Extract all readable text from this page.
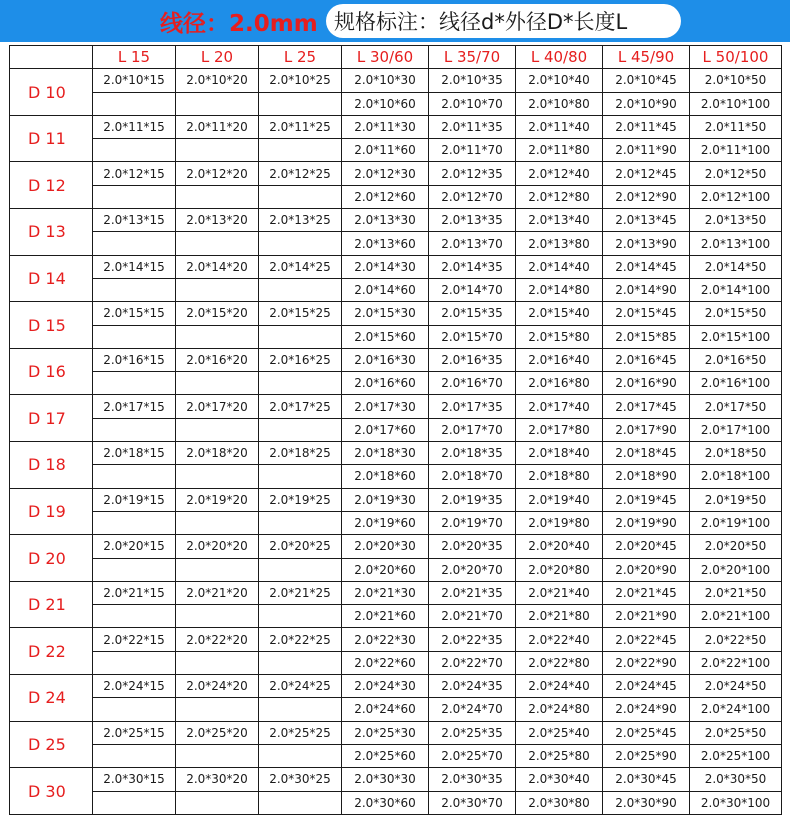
线径：2.0mm 规格标注：线径d*外径D*长度L
	L 15	L 20	L 25	L 30/60	L 35/70	L 40/80	L 45/90	L 50/100
D 10	2.0*10*15	2.0*10*20	2.0*10*25	2.0*10*30	2.0*10*35	2.0*10*40	2.0*10*45	2.0*10*50
				2.0*10*60	2.0*10*70	2.0*10*80	2.0*10*90	2.0*10*100
D 11	2.0*11*15	2.0*11*20	2.0*11*25	2.0*11*30	2.0*11*35	2.0*11*40	2.0*11*45	2.0*11*50
				2.0*11*60	2.0*11*70	2.0*11*80	2.0*11*90	2.0*11*100
D 12	2.0*12*15	2.0*12*20	2.0*12*25	2.0*12*30	2.0*12*35	2.0*12*40	2.0*12*45	2.0*12*50
				2.0*12*60	2.0*12*70	2.0*12*80	2.0*12*90	2.0*12*100
D 13	2.0*13*15	2.0*13*20	2.0*13*25	2.0*13*30	2.0*13*35	2.0*13*40	2.0*13*45	2.0*13*50
				2.0*13*60	2.0*13*70	2.0*13*80	2.0*13*90	2.0*13*100
D 14	2.0*14*15	2.0*14*20	2.0*14*25	2.0*14*30	2.0*14*35	2.0*14*40	2.0*14*45	2.0*14*50
				2.0*14*60	2.0*14*70	2.0*14*80	2.0*14*90	2.0*14*100
D 15	2.0*15*15	2.0*15*20	2.0*15*25	2.0*15*30	2.0*15*35	2.0*15*40	2.0*15*45	2.0*15*50
				2.0*15*60	2.0*15*70	2.0*15*80	2.0*15*85	2.0*15*100
D 16	2.0*16*15	2.0*16*20	2.0*16*25	2.0*16*30	2.0*16*35	2.0*16*40	2.0*16*45	2.0*16*50
				2.0*16*60	2.0*16*70	2.0*16*80	2.0*16*90	2.0*16*100
D 17	2.0*17*15	2.0*17*20	2.0*17*25	2.0*17*30	2.0*17*35	2.0*17*40	2.0*17*45	2.0*17*50
				2.0*17*60	2.0*17*70	2.0*17*80	2.0*17*90	2.0*17*100
D 18	2.0*18*15	2.0*18*20	2.0*18*25	2.0*18*30	2.0*18*35	2.0*18*40	2.0*18*45	2.0*18*50
				2.0*18*60	2.0*18*70	2.0*18*80	2.0*18*90	2.0*18*100
D 19	2.0*19*15	2.0*19*20	2.0*19*25	2.0*19*30	2.0*19*35	2.0*19*40	2.0*19*45	2.0*19*50
				2.0*19*60	2.0*19*70	2.0*19*80	2.0*19*90	2.0*19*100
D 20	2.0*20*15	2.0*20*20	2.0*20*25	2.0*20*30	2.0*20*35	2.0*20*40	2.0*20*45	2.0*20*50
				2.0*20*60	2.0*20*70	2.0*20*80	2.0*20*90	2.0*20*100
D 21	2.0*21*15	2.0*21*20	2.0*21*25	2.0*21*30	2.0*21*35	2.0*21*40	2.0*21*45	2.0*21*50
				2.0*21*60	2.0*21*70	2.0*21*80	2.0*21*90	2.0*21*100
D 22	2.0*22*15	2.0*22*20	2.0*22*25	2.0*22*30	2.0*22*35	2.0*22*40	2.0*22*45	2.0*22*50
				2.0*22*60	2.0*22*70	2.0*22*80	2.0*22*90	2.0*22*100
D 24	2.0*24*15	2.0*24*20	2.0*24*25	2.0*24*30	2.0*24*35	2.0*24*40	2.0*24*45	2.0*24*50
				2.0*24*60	2.0*24*70	2.0*24*80	2.0*24*90	2.0*24*100
D 25	2.0*25*15	2.0*25*20	2.0*25*25	2.0*25*30	2.0*25*35	2.0*25*40	2.0*25*45	2.0*25*50
				2.0*25*60	2.0*25*70	2.0*25*80	2.0*25*90	2.0*25*100
D 30	2.0*30*15	2.0*30*20	2.0*30*25	2.0*30*30	2.0*30*35	2.0*30*40	2.0*30*45	2.0*30*50
				2.0*30*60	2.0*30*70	2.0*30*80	2.0*30*90	2.0*30*100
